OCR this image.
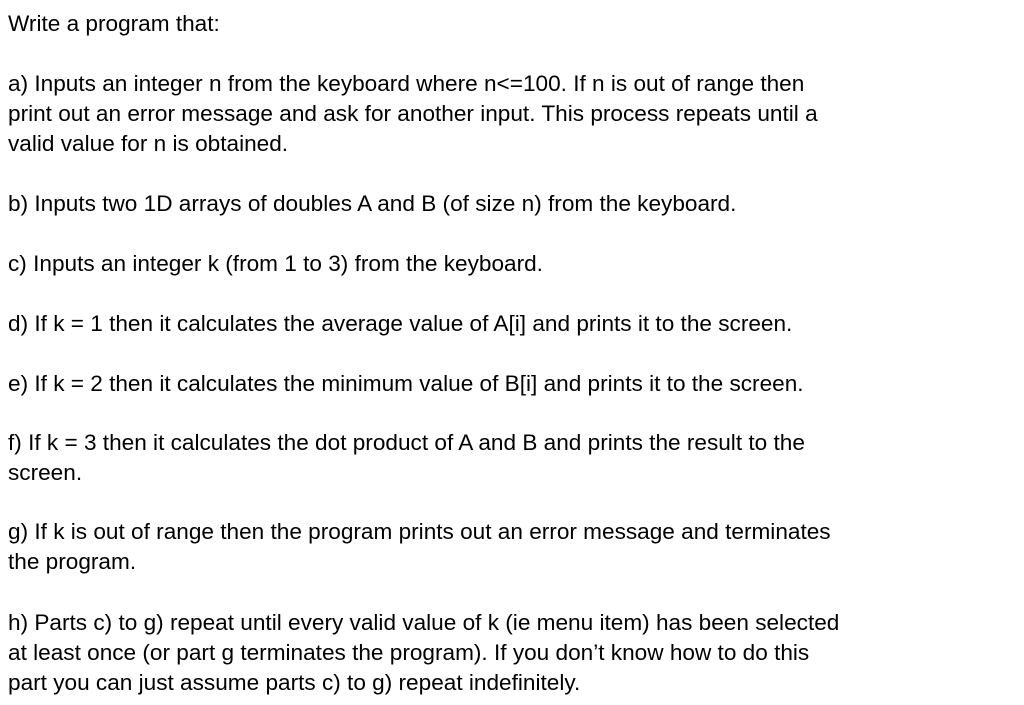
Write a program that:

a) Inputs an integer n from the keyboard where n<=100. If n is out of range then
print out an error message and ask for another input. This process repeats until a
valid value for n is obtained.

b) Inputs two 1D arrays of doubles A and B (of size n) from the keyboard.

c) Inputs an integer k (from 1 to 3) from the keyboard.

d) If k = 1 then it calculates the average value of A[i] and prints it to the screen.

e) If k = 2 then it calculates the minimum value of B[i] and prints it to the screen.

f) If k = 3 then it calculates the dot product of A and B and prints the result to the
screen.

g) If k is out of range then the program prints out an error message and terminates
the program.

h) Parts c) to g) repeat until every valid value of k (ie menu item) has been selected
at least once (or part g terminates the program). If you don’t know how to do this
part you can just assume parts c) to g) repeat indefinitely.
